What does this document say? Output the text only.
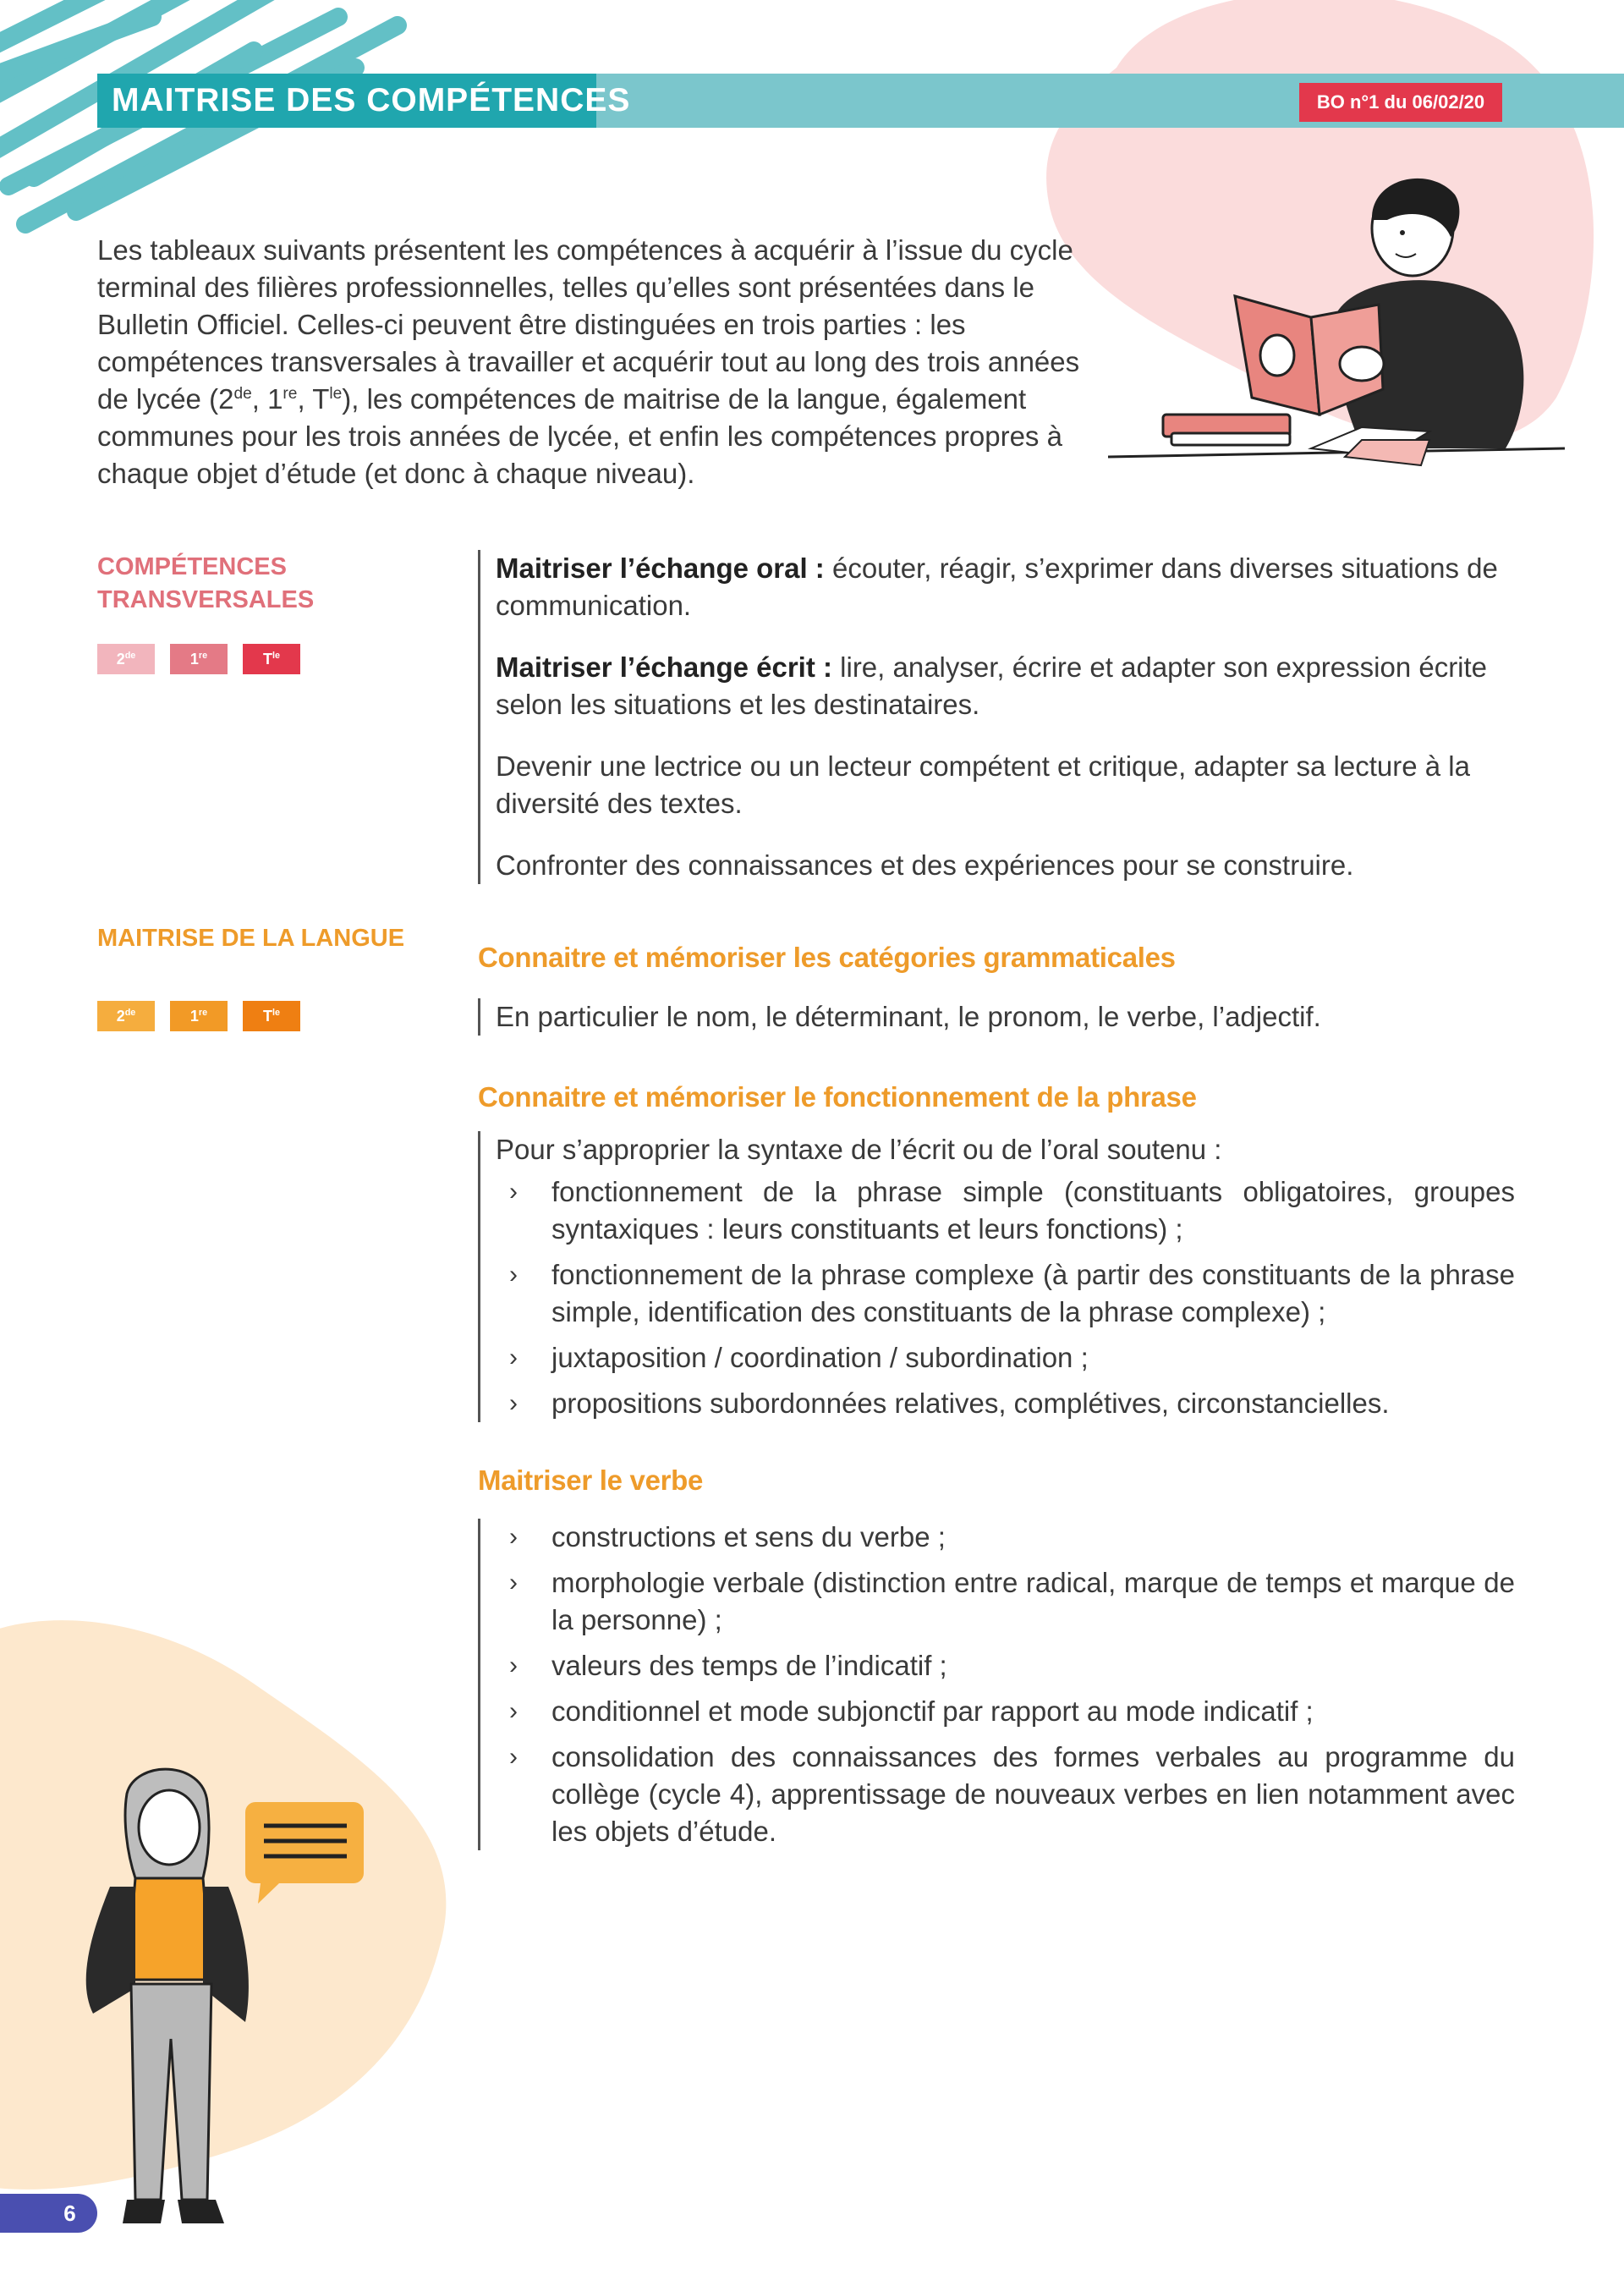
MAITRISE DES COMPÉTENCES	BO n°1 du 06/02/20
Les tableaux suivants présentent les compétences à acquérir à l’issue du cycle terminal des filières professionnelles, telles qu’elles sont présentées dans le Bulletin Officiel. Celles-ci peuvent être distinguées en trois parties : les compétences transversales à travailler et acquérir tout au long des trois années de lycée (2de, 1re, $T^{le}$), les compétences de maitrise de la langue, également communes pour les trois années de lycée, et enfin les compétences propres à chaque objet d’étude (et donc à chaque niveau).
COMPÉTENCES TRANSVERSALES
2de	1re	$T^{le}$

Maitriser l’échange oral : écouter, réagir, s’exprimer dans diverses situations de communication.

Maitriser l’échange écrit : lire, analyser, écrire et adapter son expression écrite selon les situations et les destinataires.

Devenir une lectrice ou un lecteur compétent et critique, adapter sa lecture à la diversité des textes.

Confronter des connaissances et des expériences pour se construire.

MAITRISE DE LA LANGUE
2de	1re	$T^{le}$
Connaitre et mémoriser les catégories grammaticales

En particulier le nom, le déterminant, le pronom, le verbe, l’adjectif.

Connaitre et mémoriser le fonctionnement de la phrase

Pour s’approprier la syntaxe de l’écrit ou de l’oral soutenu :

› fonctionnement de la phrase simple (constituants obligatoires, groupes syntaxiques : leurs constituants et leurs fonctions) ;
› fonctionnement de la phrase complexe (à partir des constituants de la phrase simple, identification des constituants de la phrase complexe) ;
› juxtaposition / coordination / subordination ;
› propositions subordonnées relatives, complétives, circonstancielles.
Maitriser le verbe
› constructions et sens du verbe ;
› morphologie verbale (distinction entre radical, marque de temps et marque de la personne) ;
› valeurs des temps de l’indicatif ;
› conditionnel et mode subjonctif par rapport au mode indicatif ;
› consolidation des connaissances des formes verbales au programme du collège (cycle 4), apprentissage de nouveaux verbes en lien notamment avec les objets d’étude.
6
